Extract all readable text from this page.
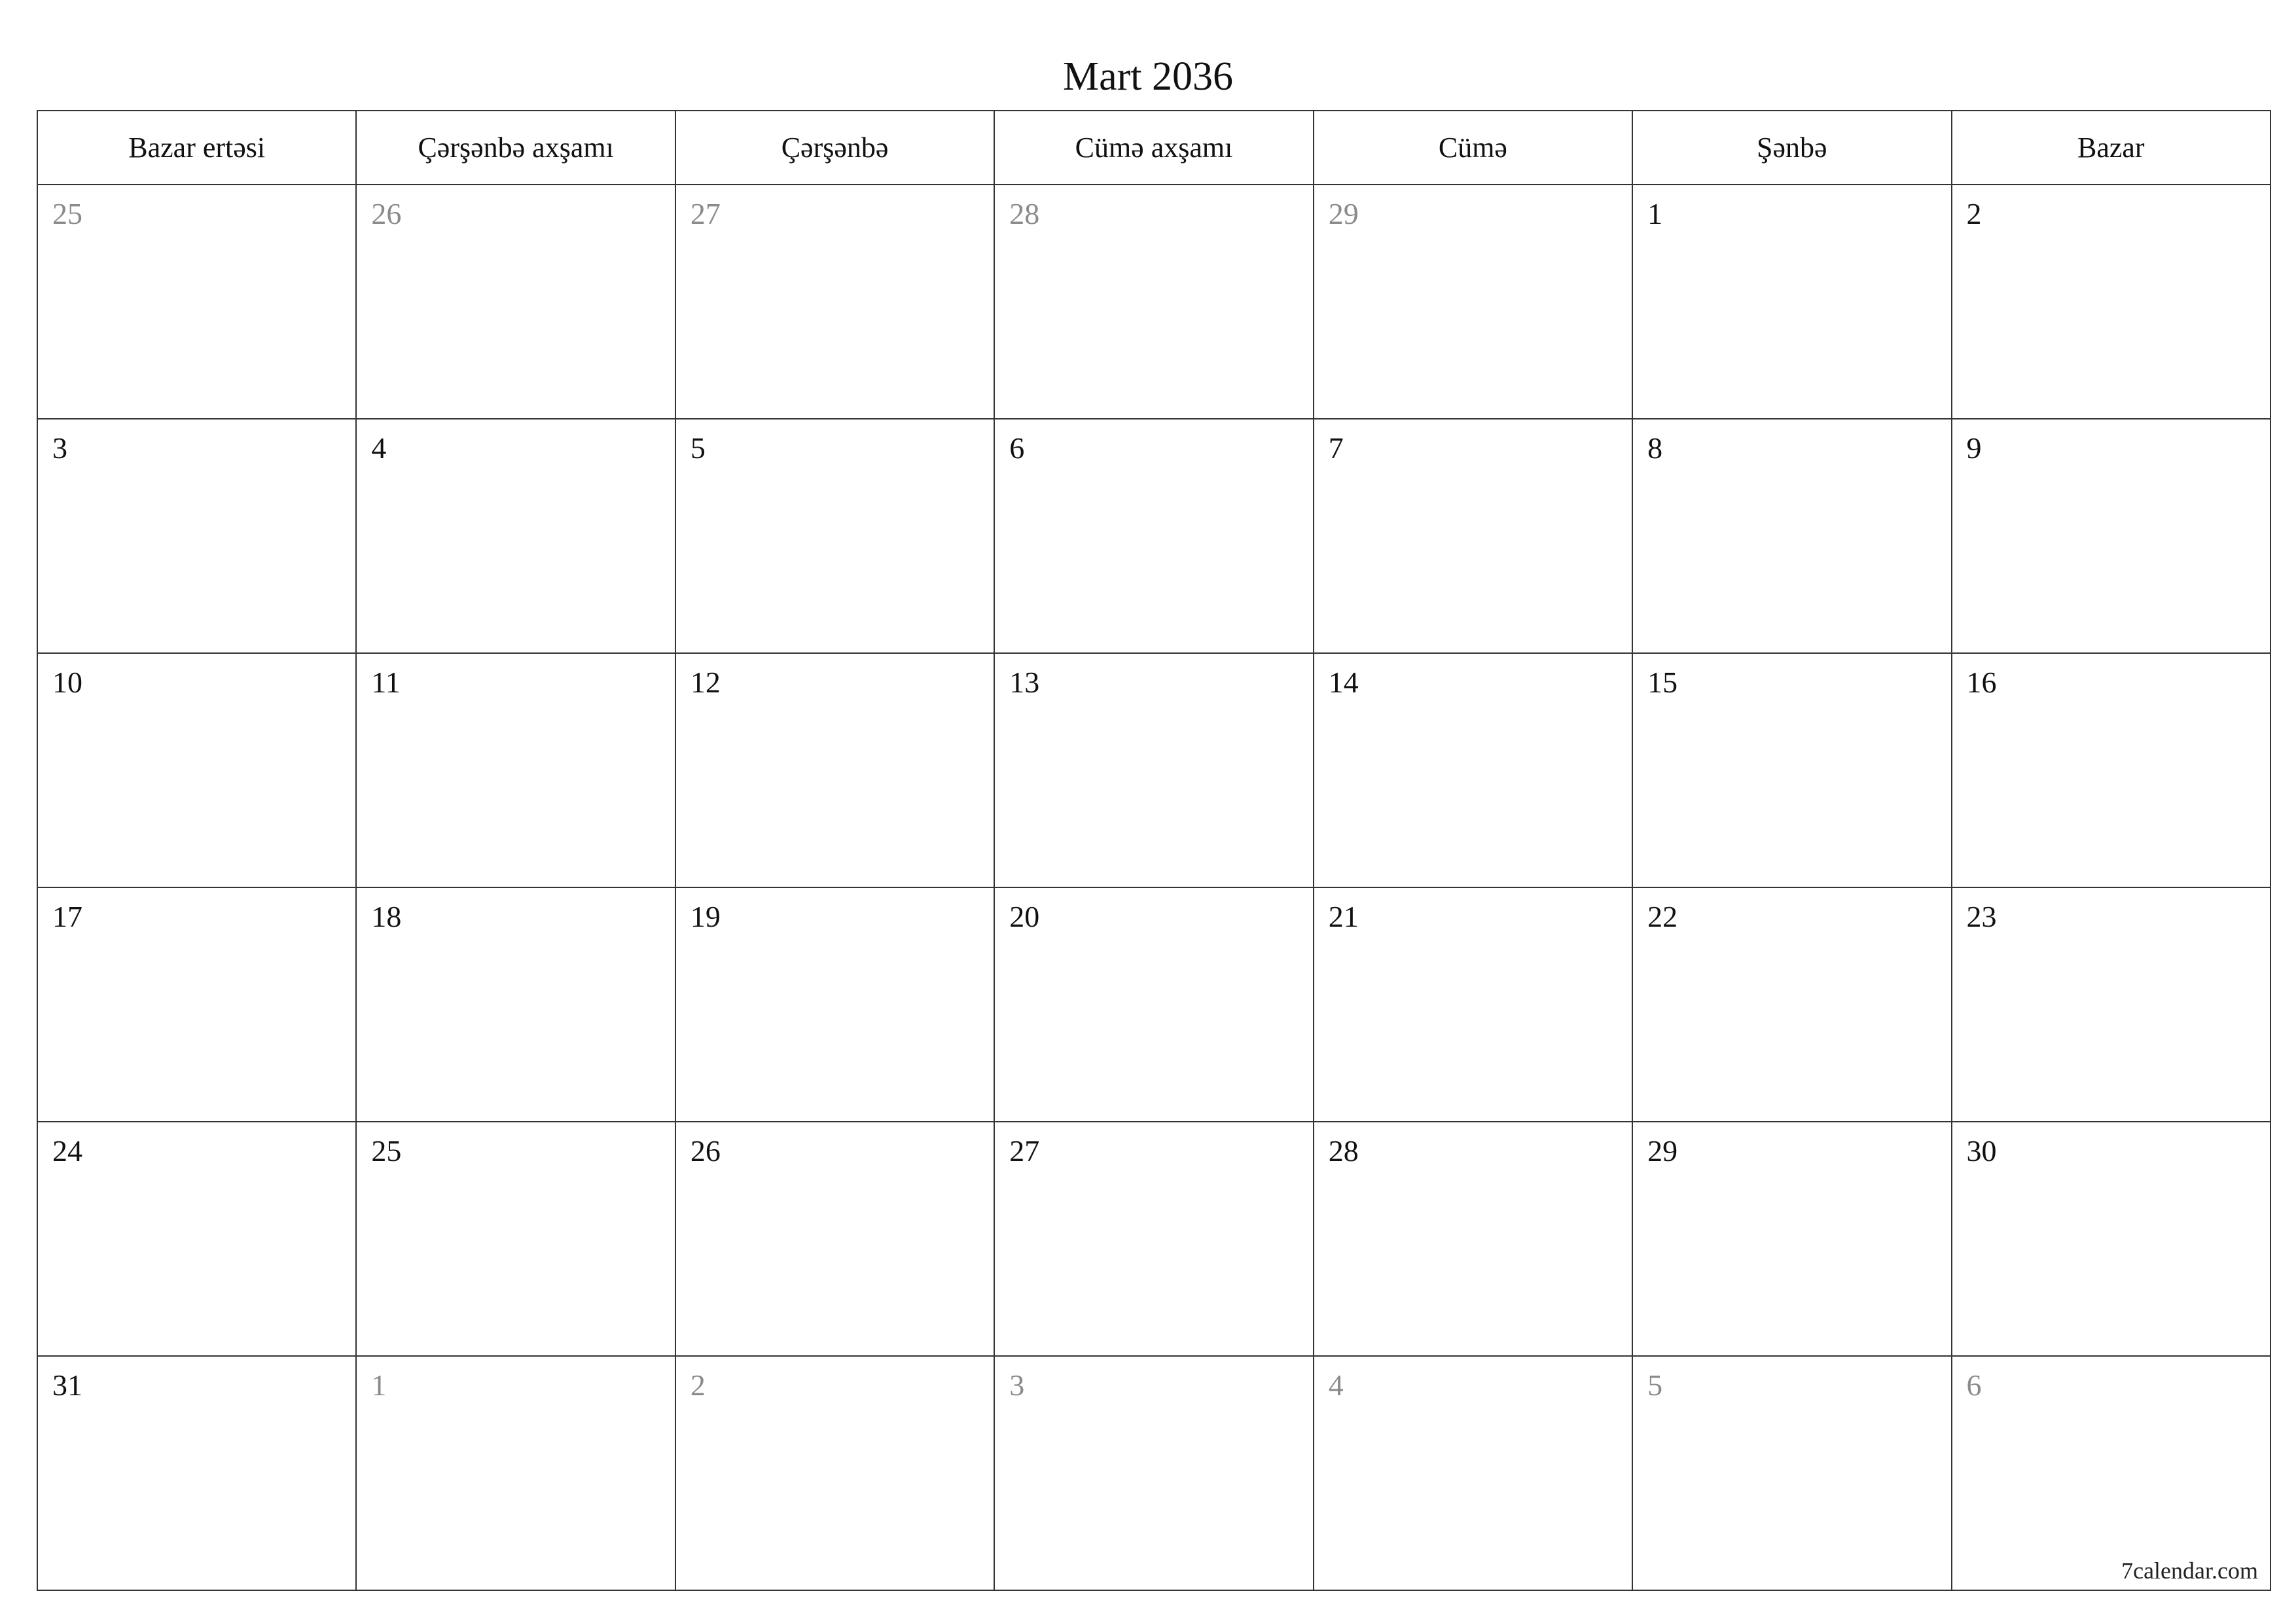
Mart 2036
Bazar ertəsi	Çərşənbə axşamı	Çərşənbə	Cümə axşamı	Cümə	Şənbə	Bazar

25	26	27	28	29	1	2

3	4	5	6	7	8	9

10	11	12	13	14	15	16

17	18	19	20	21	22	23

24	25	26	27	28	29	30

31	1	2	3	4	5	6
7calendar.com
